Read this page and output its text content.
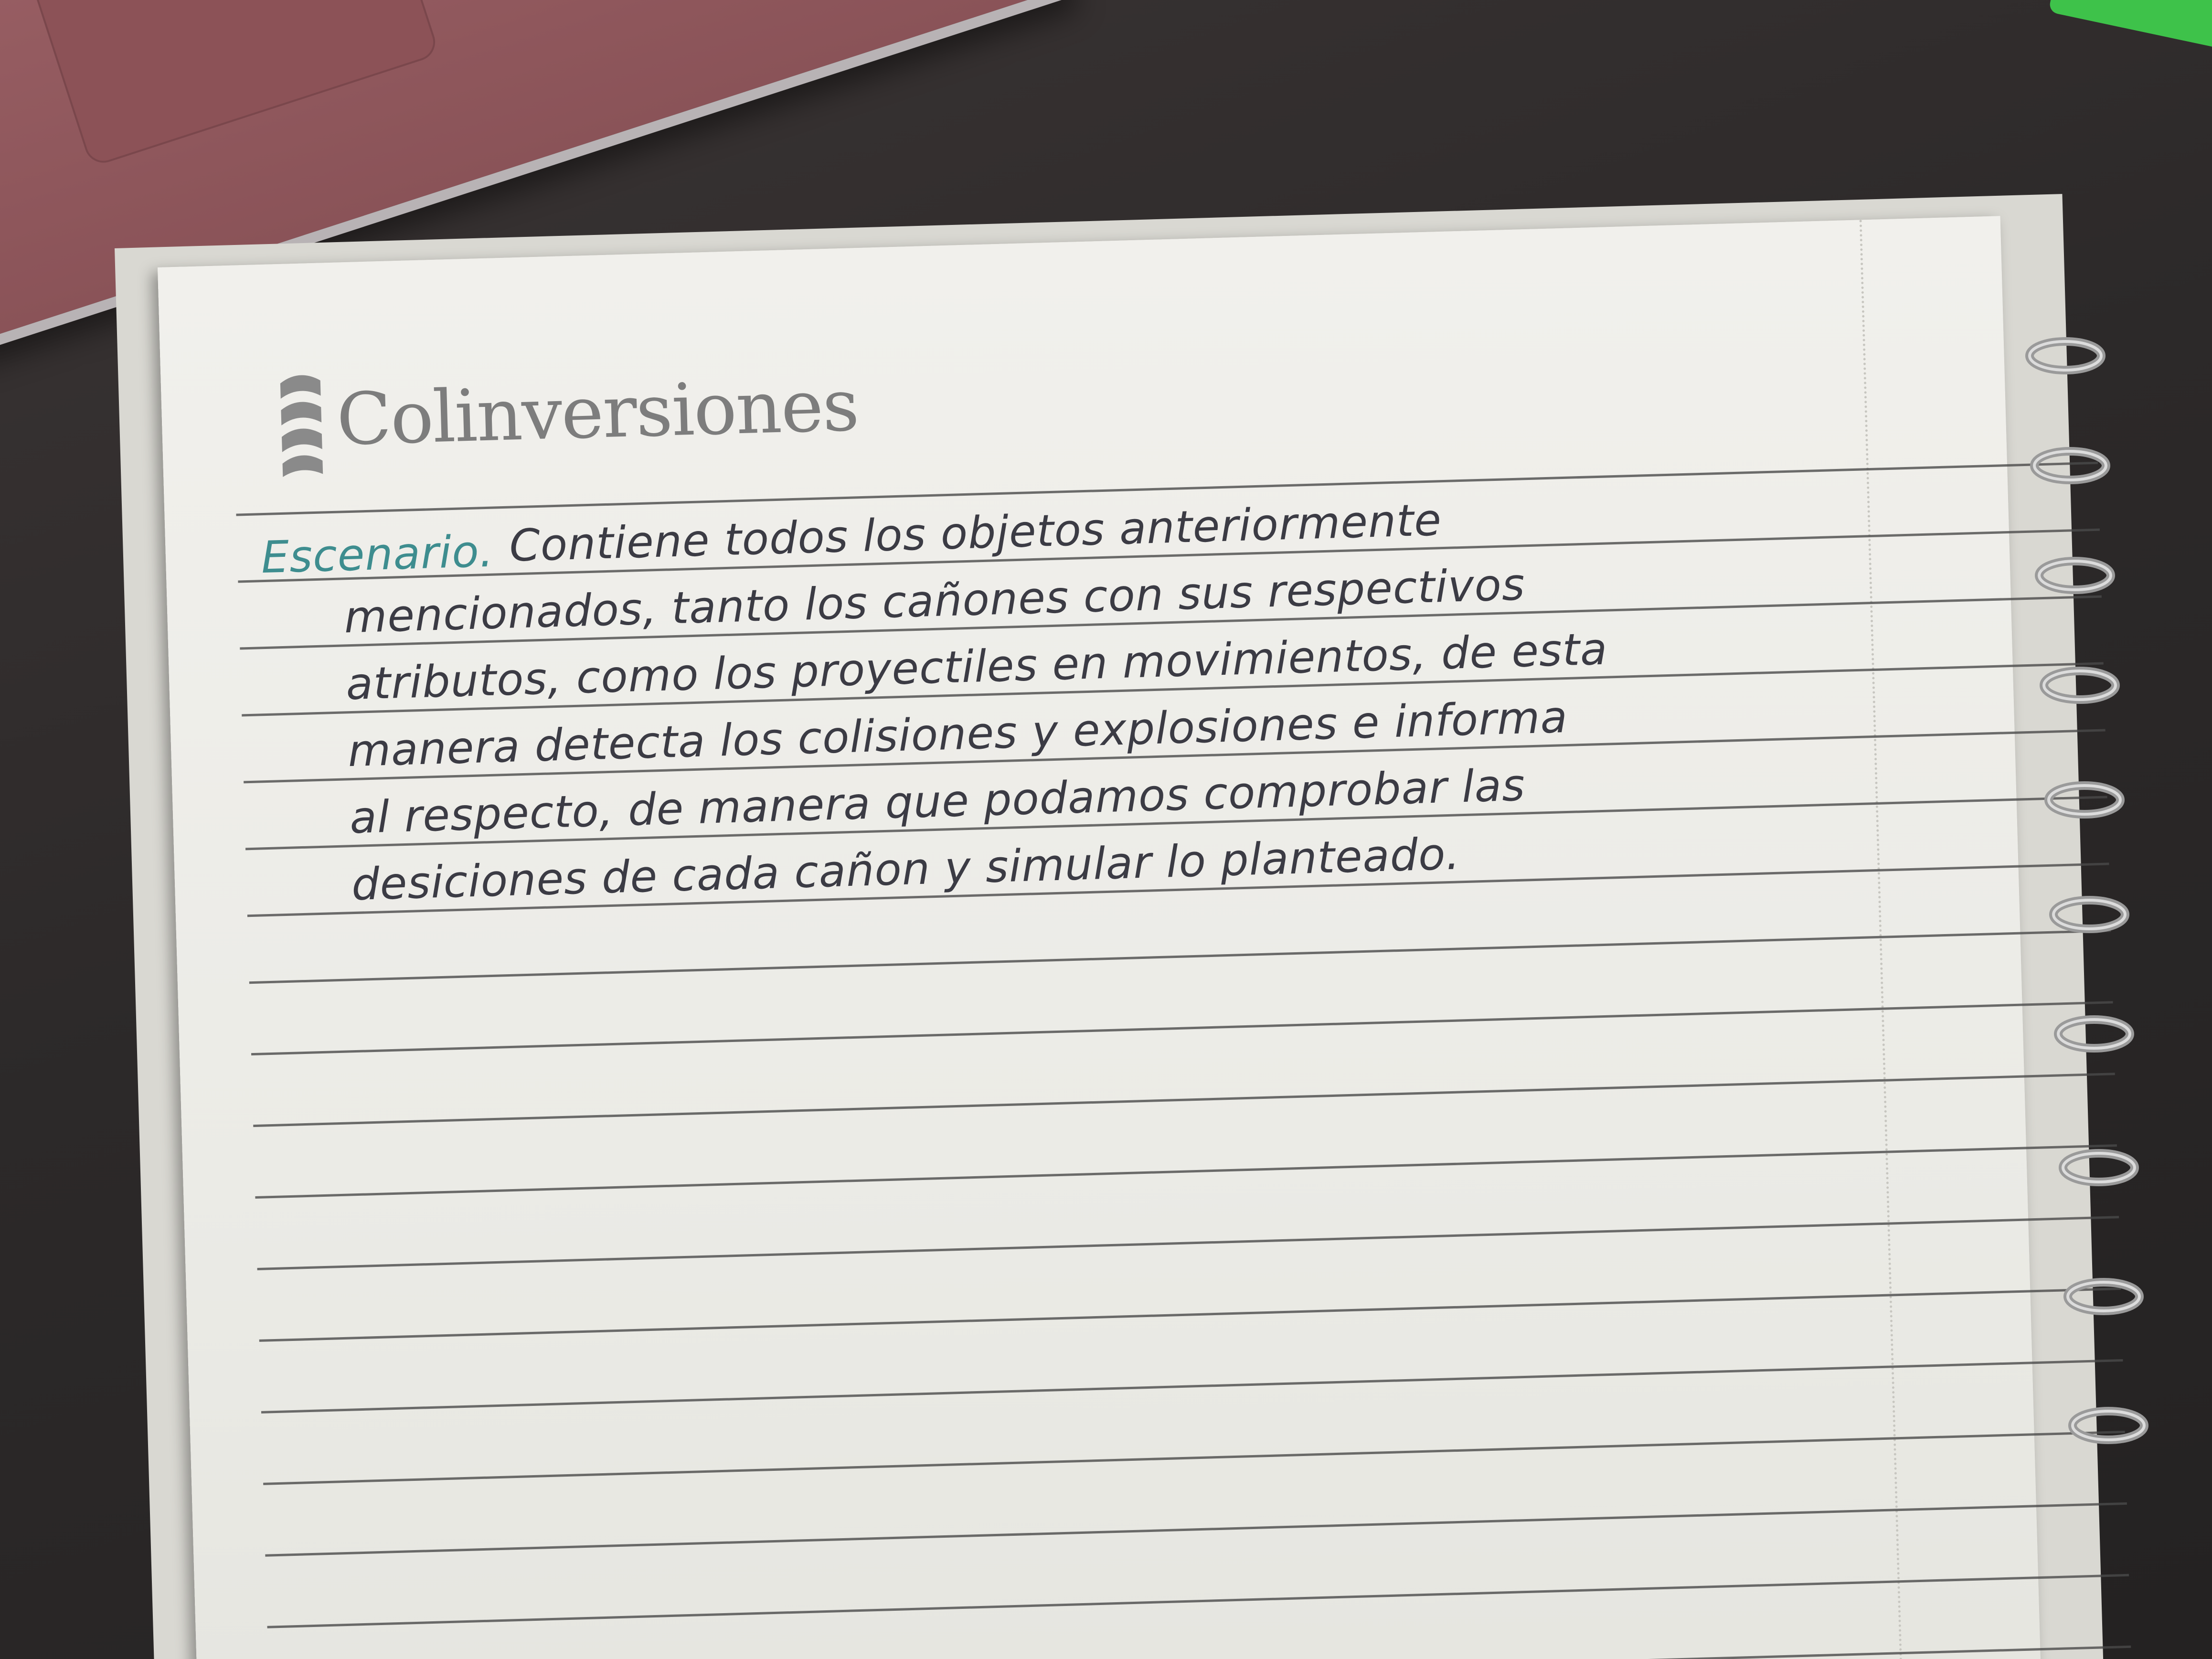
Colinversiones
Escenario. Contiene todos los objetos anteriormente
mencionados, tanto los cañones con sus respectivos
atributos, como los proyectiles en movimientos, de esta
manera detecta los colisiones y explosiones e informa
al respecto, de manera que podamos comprobar las
desiciones de cada cañon y simular lo planteado.
